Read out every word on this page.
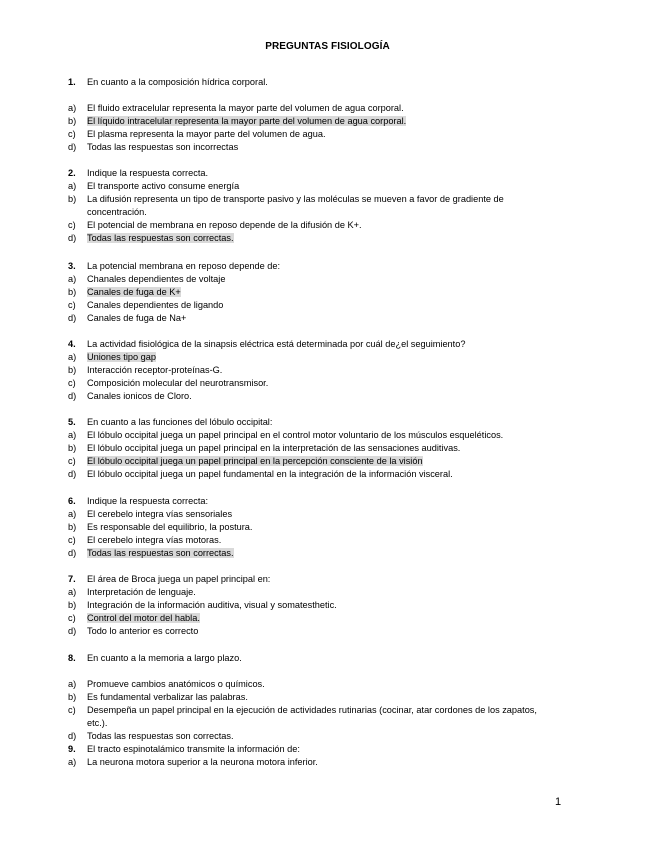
PREGUNTAS FISIOLOGÍA
1.	En cuanto a la composición hídrica corporal.
a)	El fluido extracelular representa la mayor parte del volumen de agua corporal.
b)	El líquido intracelular representa la mayor parte del volumen de agua corporal.
c)	El plasma representa la mayor parte del volumen de agua.
d)	Todas las respuestas son incorrectas
2.	Indique la respuesta correcta.
a)	El transporte activo consume energía
b)	La difusión representa un tipo de transporte pasivo y las moléculas se mueven a favor de gradiente de concentración.
c)	El potencial de membrana en reposo depende de la difusión de K+.
d)	Todas las respuestas son correctas.
3.	La potencial membrana en reposo depende de:
a)	Chanales dependientes de voltaje
b)	Canales de fuga de K+
c)	Canales dependientes de ligando
d)	Canales de fuga de Na+
4.	La actividad fisiológica de la sinapsis eléctrica está determinada por cuál de¿el seguimiento?
a)	Uniones tipo gap
b)	Interacción receptor-proteínas-G.
c)	Composición molecular del neurotransmisor.
d)	Canales ionicos de Cloro.
5.	En cuanto a las funciones del lóbulo occipital:
a)	El lóbulo occipital juega un papel principal en el control motor voluntario de los músculos esqueléticos.
b)	El lóbulo occipital juega un papel principal en la interpretación de las sensaciones auditivas.
c)	El lóbulo occipital juega un papel principal en la percepción consciente de la visión
d)	El lóbulo occipital juega un papel fundamental en la integración de la información visceral.
6.	Indique la respuesta correcta:
a)	El cerebelo integra vías sensoriales
b)	Es responsable del equilibrio, la postura.
c)	El cerebelo integra vías motoras.
d)	Todas las respuestas son correctas.
7.	El área de Broca juega un papel principal en:
a)	Interpretación de lenguaje.
b)	Integración de la información auditiva, visual y somatesthetic.
c)	Control del motor del habla.
d)	Todo lo anterior es correcto
8.	En cuanto a la memoria a largo plazo.
a)	Promueve cambios anatómicos o químicos.
b)	Es fundamental verbalizar las palabras.
c)	Desempeña un papel principal en la ejecución de actividades rutinarias (cocinar, atar cordones de los zapatos, etc.).
d)	Todas las respuestas son correctas.
9.	El tracto espinotalámico transmite la información de:
a)	La neurona motora superior a la neurona motora inferior.
1
